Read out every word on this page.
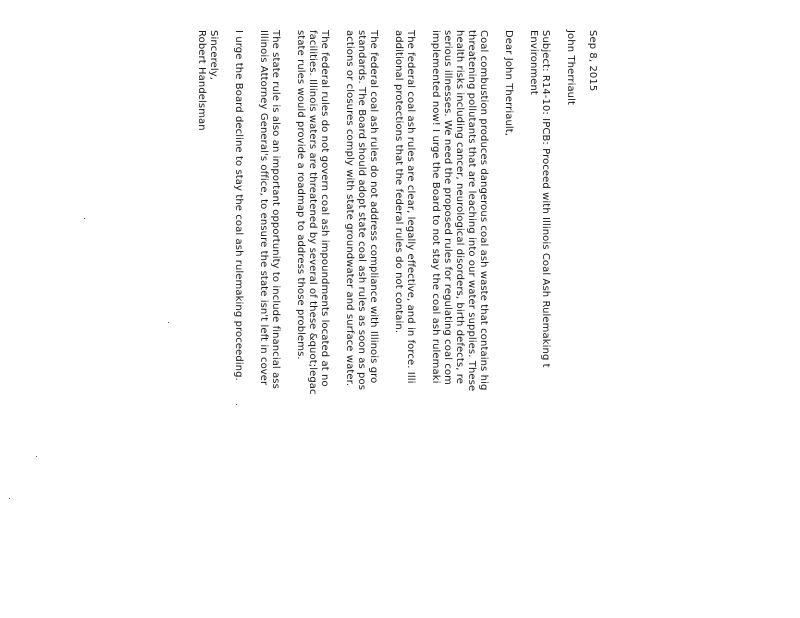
Sep 8, 2015
John Therriault
Subject: R14-10: IPCB: Proceed with Illinois Coal Ash Rulemaking t
Environment
Dear John Therriault,
Coal combustion produces dangerous coal ash waste that contains hig
threatening pollutants that are leaching into our water supplies. These
health risks including cancer, neurological disorders, birth defects, re
serious illnesses. We need the proposed rules for regulating coal com
implemented now! I urge the Board to not stay the coal ash rulemaki
The federal coal ash rules are clear, legally effective, and in force. Illi
additional protections that the federal rules do not contain.
The federal coal ash rules do not address compliance with Illinois gro
standards. The Board should adopt state coal ash rules as soon as pos
actions or closures comply with state groundwater and surface water.
The federal rules do not govern coal ash impoundments located at no
facilities. Illinois waters are threatened by several of these &quot;legac
state rules would provide a roadmap to address those problems.
The state rule is also an important opportunity to include financial ass
Illinois Attorney General's office, to ensure the state isn't left in cover
I urge the Board decline to stay the coal ash rulemaking proceeding.
Sincerely,
Robert Handelsman
